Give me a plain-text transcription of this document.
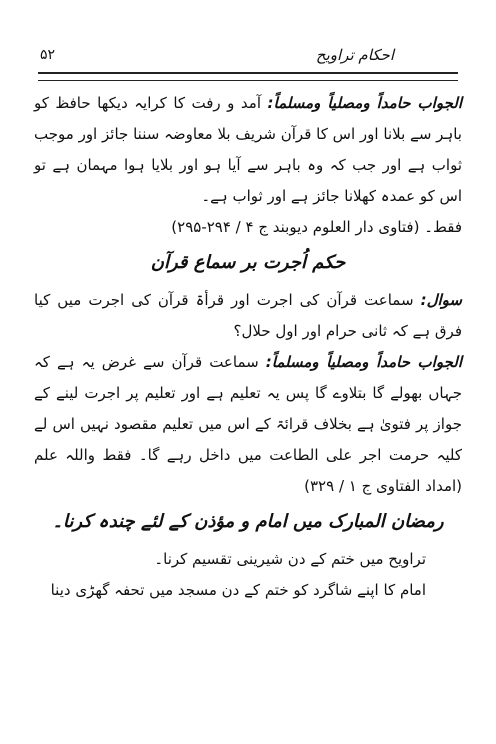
احکام تراویح
۵۲

الجواب حامداً ومصلیاً ومسلماً: آمد و رفت کا کرایہ دیکھا حافظ کو باہر سے بلانا اور اس کا قرآن شریف بلا معاوضہ سننا جائز اور موجب ثواب ہے اور جب کہ وہ باہر سے آیا ہو اور بلایا ہوا مہمان ہے تو اس کو عمدہ کھلانا جائز ہے اور ثواب ہے۔
فقط۔ (فتاوی دار العلوم دیوبند ج ۴ / ۲۹۴-۲۹۵)

حکم اُجرت بر سماع قرآن

سوال: سماعت قرآن کی اجرت اور قرأۃ قرآن کی اجرت میں کیا فرق ہے کہ ثانی حرام اور اول حلال؟

الجواب حامداً ومصلیاً ومسلماً: سماعت قرآن سے غرض یہ ہے کہ جہاں بھولے گا بتلاوے گا پس یہ تعلیم ہے اور تعلیم پر اجرت لینے کے جواز پر فتویٰ ہے بخلاف قرائۃ کے اس میں تعلیم مقصود نہیں اس لے کلیہ حرمت اجر علی الطاعت میں داخل رہے گا۔ فقط واللہ علم (امداد الفتاوی ج ۱ / ۳۲۹)

رمضان المبارک میں امام و مؤذن کے لئے چندہ کرنا۔
تراویح میں ختم کے دن شیرینی تقسیم کرنا۔
امام کا اپنے شاگرد کو ختم کے دن مسجد میں تحفہ گھڑی دینا
